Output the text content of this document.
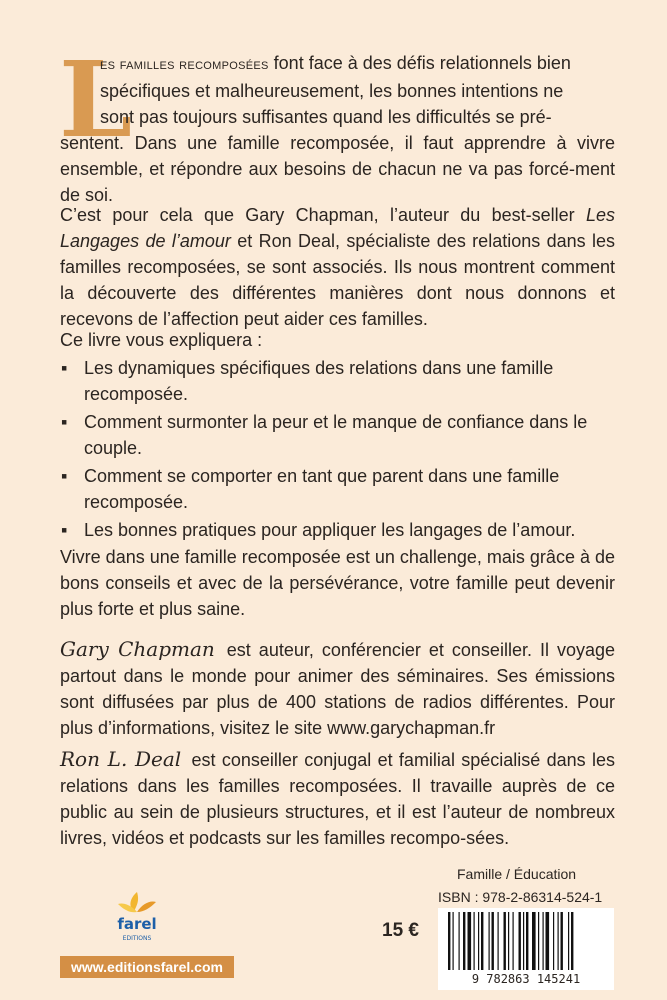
L
es familles recomposées font face à des défis relationnels bien
spécifiques et malheureusement, les bonnes intentions ne
sont pas toujours suffisantes quand les difficultés se pré-
sentent. Dans une famille recomposée, il faut apprendre à vivre ensemble, et répondre aux besoins de chacun ne va pas forcé-ment de soi.
C’est pour cela que Gary Chapman, l’auteur du best-seller Les Langages de l’amour et Ron Deal, spécialiste des relations dans les familles recomposées, se sont associés. Ils nous montrent comment la découverte des différentes manières dont nous donnons et recevons de l’affection peut aider ces familles.
Ce livre vous expliquera :
▪ Les dynamiques spécifiques des relations dans une famille recomposée.
▪ Comment surmonter la peur et le manque de confiance dans le couple.
▪ Comment se comporter en tant que parent dans une famille recomposée.
▪ Les bonnes pratiques pour appliquer les langages de l’amour.
Vivre dans une famille recomposée est un challenge, mais grâce à de bons conseils et avec de la persévérance, votre famille peut devenir plus forte et plus saine.
Gary Chapman est auteur, conférencier et conseiller. Il voyage partout dans le monde pour animer des séminaires. Ses émissions sont diffusées par plus de 400 stations de radios différentes. Pour plus d’informations, visitez le site www.garychapman.fr
Ron L. Deal est conseiller conjugal et familial spécialisé dans les relations dans les familles recomposées. Il travaille auprès de ce public au sein de plusieurs structures, et il est l’auteur de nombreux livres, vidéos et podcasts sur les familles recompo-sées.
Famille / Éducation
ISBN : 978-2-86314-524-1
15 €
9 782863 145241
farel
EDITIONS
www.editionsfarel.com
